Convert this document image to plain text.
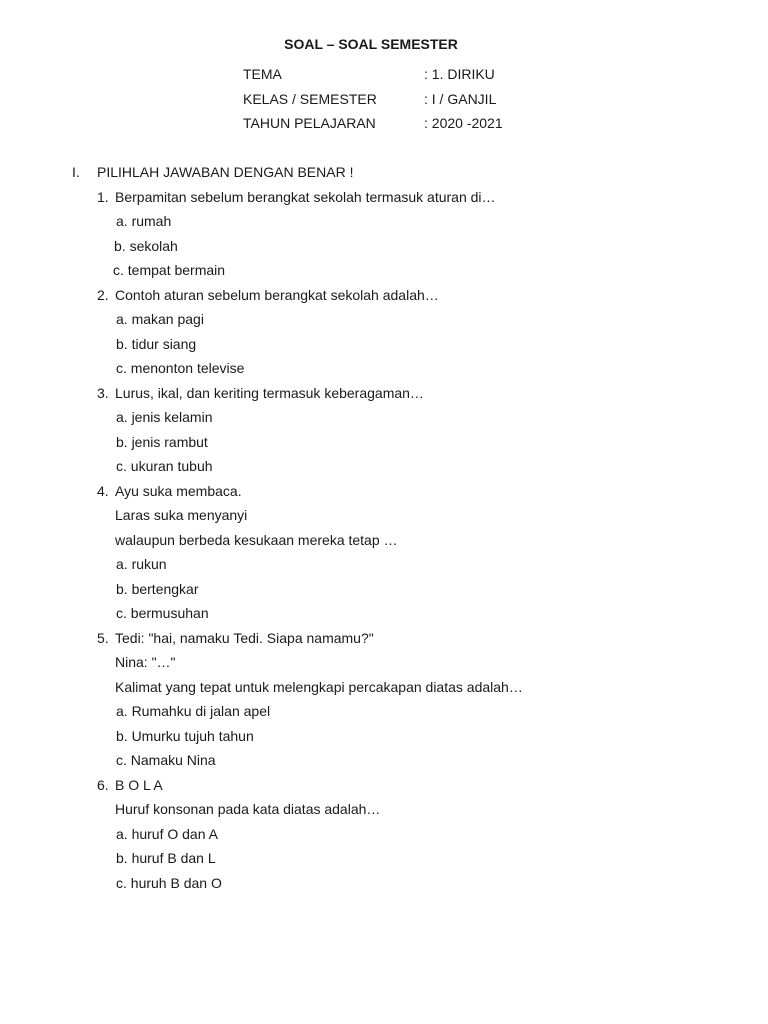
SOAL – SOAL SEMESTER
TEMA	: 1. DIRIKU
KELAS / SEMESTER	: I / GANJIL
TAHUN PELAJARAN	: 2020 -2021
I. PILIHLAH JAWABAN DENGAN BENAR !
1. Berpamitan sebelum berangkat sekolah termasuk aturan di…
a. rumah
b. sekolah
c. tempat bermain
2. Contoh aturan sebelum berangkat sekolah adalah…
a. makan pagi
b. tidur siang
c. menonton televise
3. Lurus, ikal, dan keriting termasuk keberagaman…
a. jenis kelamin
b. jenis rambut
c. ukuran tubuh
4. Ayu suka membaca.
Laras suka menyanyi
walaupun berbeda kesukaan mereka tetap …
a. rukun
b. bertengkar
c. bermusuhan
5. Tedi: "hai, namaku Tedi. Siapa namamu?"
Nina: "…"
Kalimat yang tepat untuk melengkapi percakapan diatas adalah…
a. Rumahku di jalan apel
b. Umurku tujuh tahun
c. Namaku Nina
6. B O L A
Huruf konsonan pada kata diatas adalah…
a. huruf O dan A
b. huruf B dan L
c. huruh B dan O
